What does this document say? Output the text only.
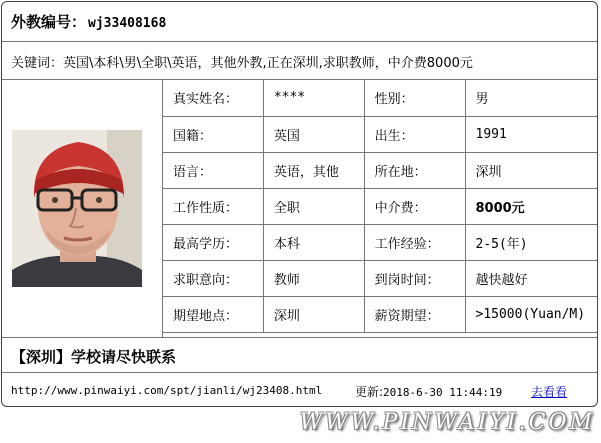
外教编号： wj33408168
关键词：英国\本科\男\全职\英语，其他外教,正在深圳,求职教师，中介费8000元
真实姓名：	****	性别：	男
国籍：	英国	出生：	1991
语言：	英语，其他	所在地：	深圳
工作性质：	全职	中介费：	8000元
最高学历：	本科	工作经验：	2-5(年)
求职意向：	教师	到岗时间：	越快越好
期望地点：	深圳	薪资期望：	>15000(Yuan/M)
【深圳】学校请尽快联系
http://www.pinwaiyi.com/spt/jianli/wj23408.html	更新:2018-6-30 11:44:19 去看看
WWW.PINWAIYI.COM
